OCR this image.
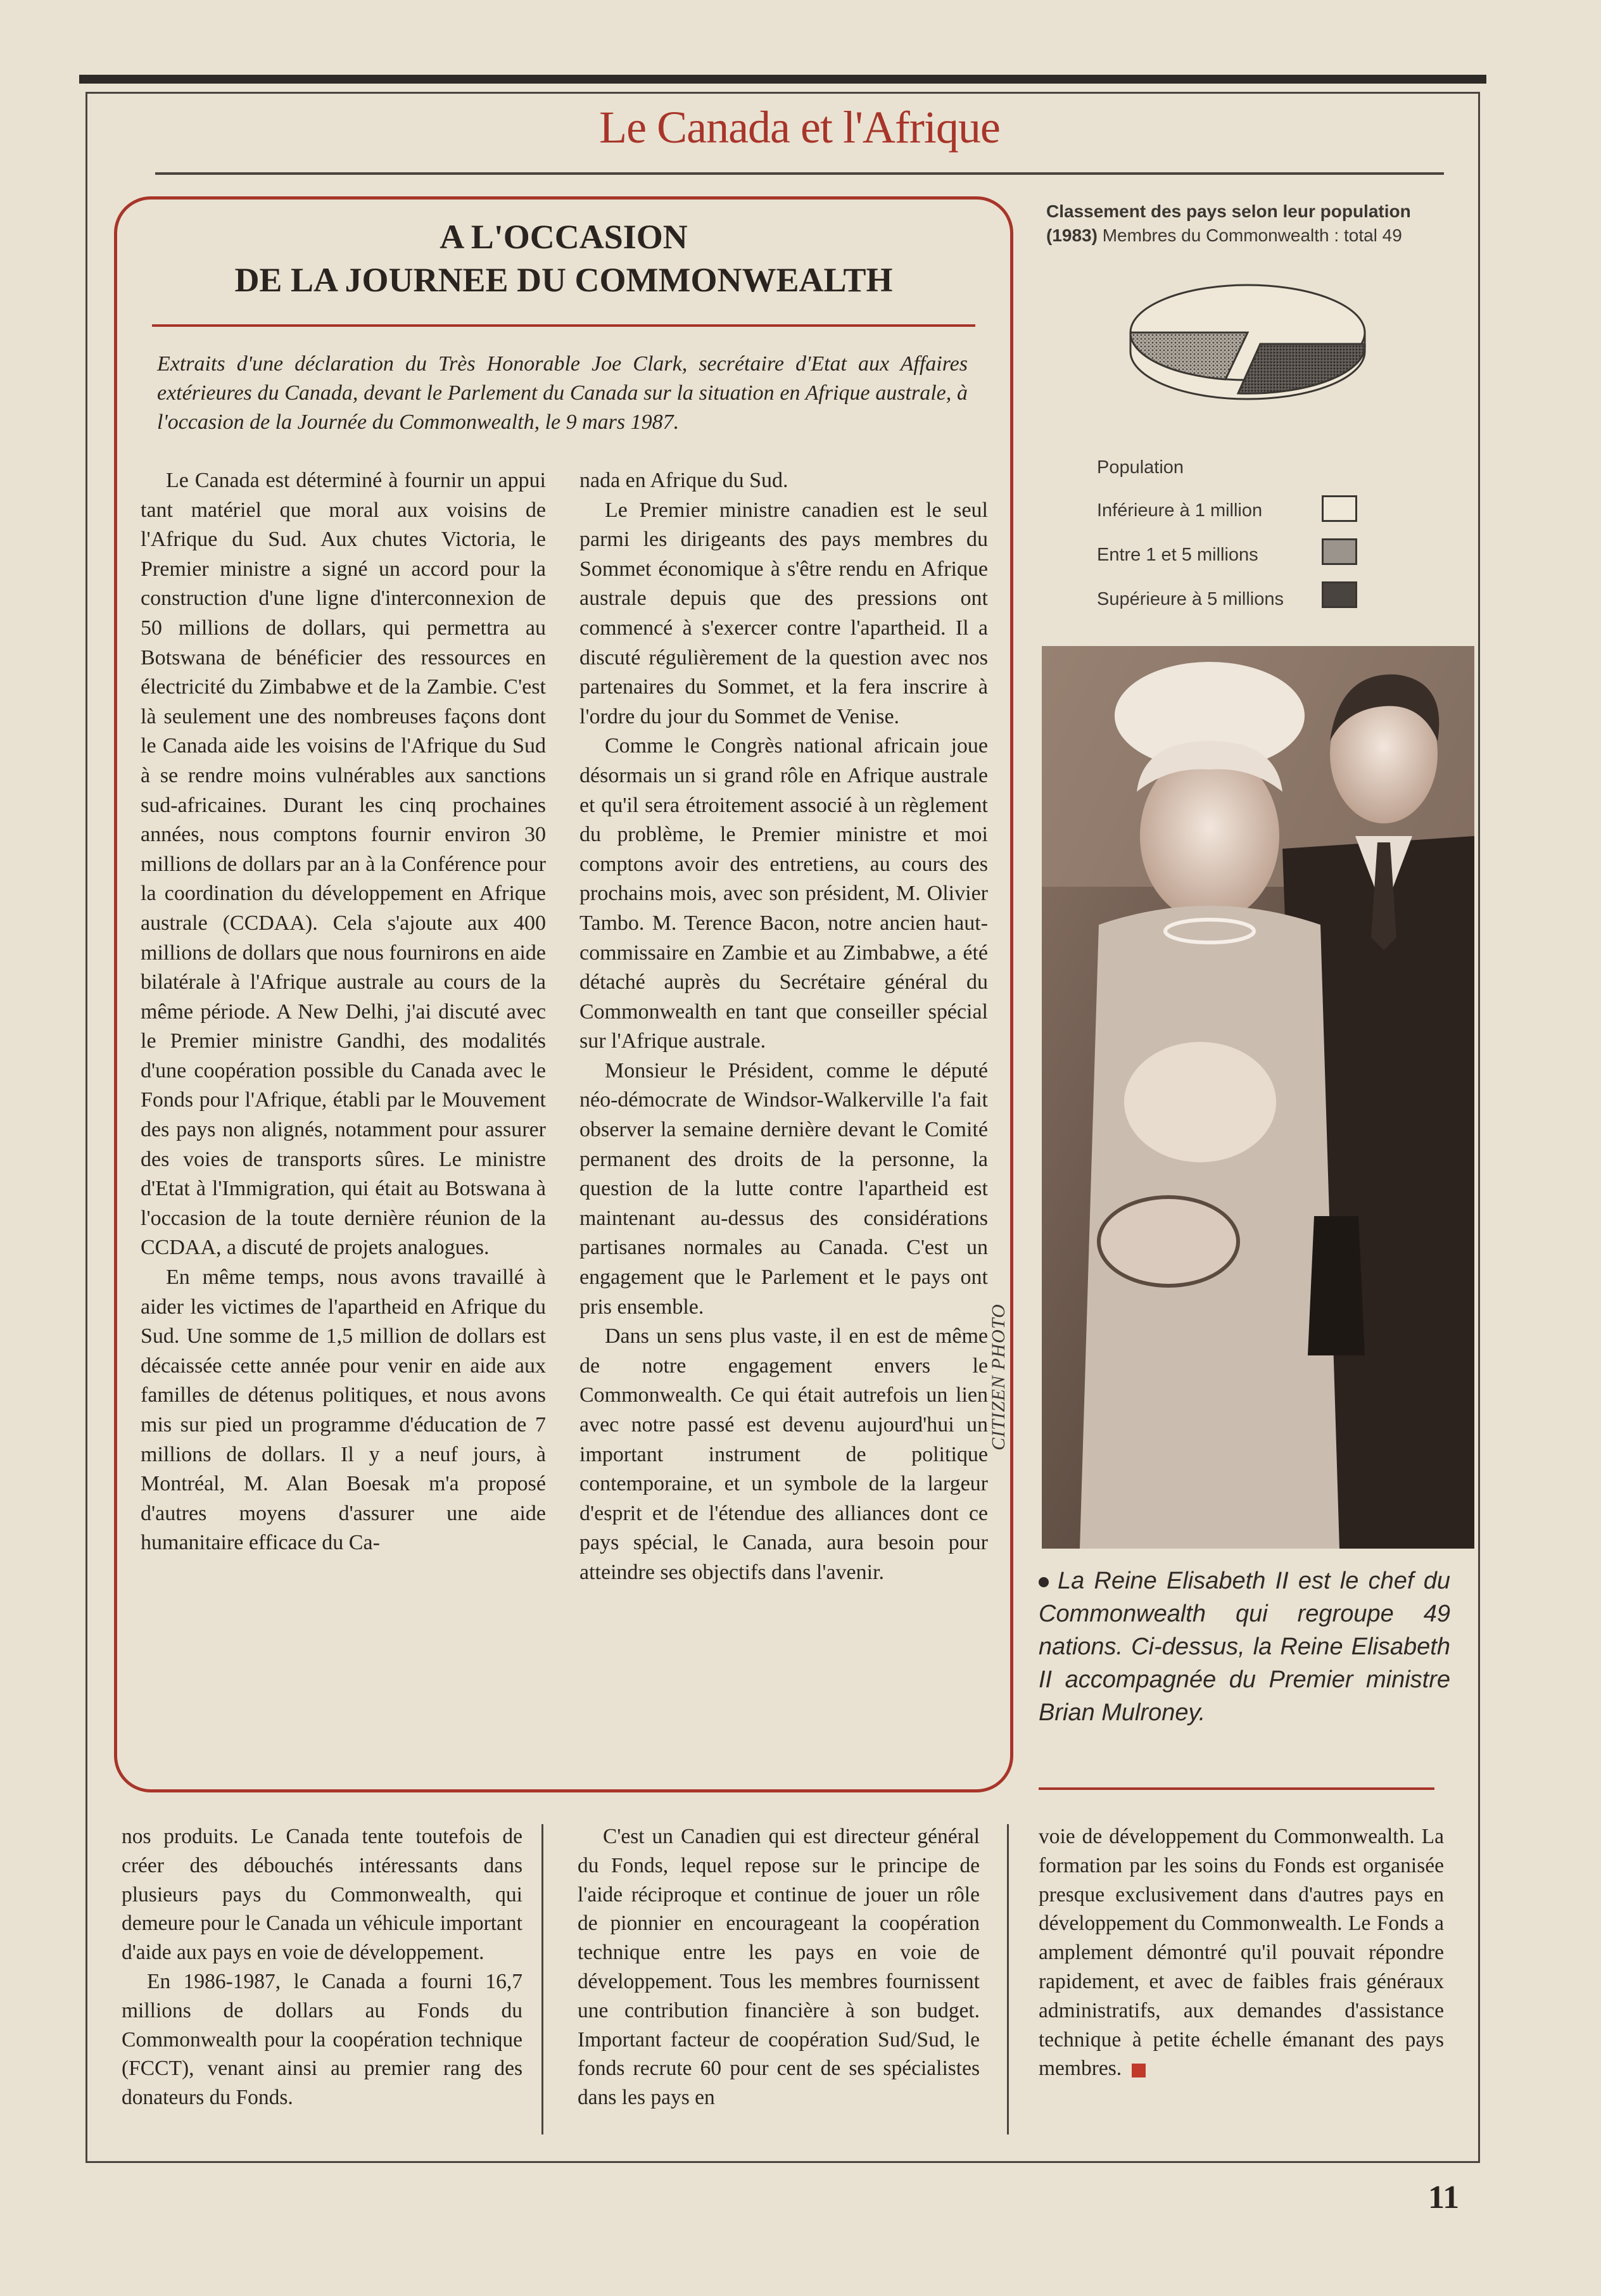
Le Canada et l'Afrique
A L'OCCASION
DE LA JOURNEE DU COMMONWEALTH
Extraits d'une déclaration du Très Honorable Joe Clark, secrétaire d'Etat aux Affaires extérieures du Canada, devant le Parlement du Canada sur la situation en Afrique australe, à l'occasion de la Journée du Commonwealth, le 9 mars 1987.

Le Canada est déterminé à fournir un appui tant matériel que moral aux voisins de l'Afrique du Sud. Aux chutes Victoria, le Premier ministre a signé un accord pour la construction d'une ligne d'interconnexion de 50 millions de dollars, qui permettra au Botswana de bénéficier des ressources en électricité du Zimbabwe et de la Zambie. C'est là seulement une des nombreuses façons dont le Canada aide les voisins de l'Afrique du Sud à se rendre moins vulnérables aux sanctions sud-africaines. Durant les cinq prochaines années, nous comptons fournir environ 30 millions de dollars par an à la Conférence pour la coordination du développement en Afrique australe (CCDAA). Cela s'ajoute aux 400 millions de dollars que nous fournirons en aide bilatérale à l'Afrique australe au cours de la même période. A New Delhi, j'ai discuté avec le Premier ministre Gandhi, des modalités d'une coopération possible du Canada avec le Fonds pour l'Afrique, établi par le Mouvement des pays non alignés, notamment pour assurer des voies de transports sûres. Le ministre d'Etat à l'Immigration, qui était au Botswana à l'occasion de la toute dernière réunion de la CCDAA, a discuté de projets analogues.

En même temps, nous avons travaillé à aider les victimes de l'apartheid en Afrique du Sud. Une somme de 1,5 million de dollars est décaissée cette année pour venir en aide aux familles de détenus politiques, et nous avons mis sur pied un programme d'éducation de 7 millions de dollars. Il y a neuf jours, à Montréal, M. Alan Boesak m'a proposé d'autres moyens d'assurer une aide humanitaire efficace du Ca-

nada en Afrique du Sud.

Le Premier ministre canadien est le seul parmi les dirigeants des pays membres du Sommet économique à s'être rendu en Afrique australe depuis que des pressions ont commencé à s'exercer contre l'apartheid. Il a discuté régulièrement de la question avec nos partenaires du Sommet, et la fera inscrire à l'ordre du jour du Sommet de Venise.

Comme le Congrès national africain joue désormais un si grand rôle en Afrique australe et qu'il sera étroitement associé à un règlement du problème, le Premier ministre et moi comptons avoir des entretiens, au cours des prochains mois, avec son président, M. Olivier Tambo. M. Terence Bacon, notre ancien haut-commissaire en Zambie et au Zimbabwe, a été détaché auprès du Secrétaire général du Commonwealth en tant que conseiller spécial sur l'Afrique australe.

Monsieur le Président, comme le député néo-démocrate de Windsor-Walkerville l'a fait observer la semaine dernière devant le Comité permanent des droits de la personne, la question de la lutte contre l'apartheid est maintenant au-dessus des considérations partisanes normales au Canada. C'est un engagement que le Parlement et le pays ont pris ensemble.

Dans un sens plus vaste, il en est de même de notre engagement envers le Commonwealth. Ce qui était autrefois un lien avec notre passé est devenu aujourd'hui un important instrument de politique contemporaine, et un symbole de la largeur d'esprit et de l'étendue des alliances dont ce pays spécial, le Canada, aura besoin pour atteindre ses objectifs dans l'avenir.

Classement des pays selon leur population (1983) Membres du Commonwealth : total 49
Population
Inférieure à 1 million
Entre 1 et 5 millions
Supérieure à 5 millions
CITIZEN PHOTO
La Reine Elisabeth II est le chef du Commonwealth qui regroupe 49 nations. Ci-dessus, la Reine Elisabeth II accompagnée du Premier ministre Brian Mulroney.

nos produits. Le Canada tente toutefois de créer des débouchés intéressants dans plusieurs pays du Commonwealth, qui demeure pour le Canada un véhicule important d'aide aux pays en voie de développement.

En 1986-1987, le Canada a fourni 16,7 millions de dollars au Fonds du Commonwealth pour la coopération technique (FCCT), venant ainsi au premier rang des donateurs du Fonds.

C'est un Canadien qui est directeur général du Fonds, lequel repose sur le principe de l'aide réciproque et continue de jouer un rôle de pionnier en encourageant la coopération technique entre les pays en voie de développement. Tous les membres fournissent une contribution financière à son budget. Important facteur de coopération Sud/Sud, le fonds recrute 60 pour cent de ses spécialistes dans les pays en

voie de développement du Commonwealth. La formation par les soins du Fonds est organisée presque exclusivement dans d'autres pays en développement du Commonwealth. Le Fonds a amplement démontré qu'il pouvait répondre rapidement, et avec de faibles frais généraux administratifs, aux demandes d'assistance technique à petite échelle émanant des pays membres.

11
